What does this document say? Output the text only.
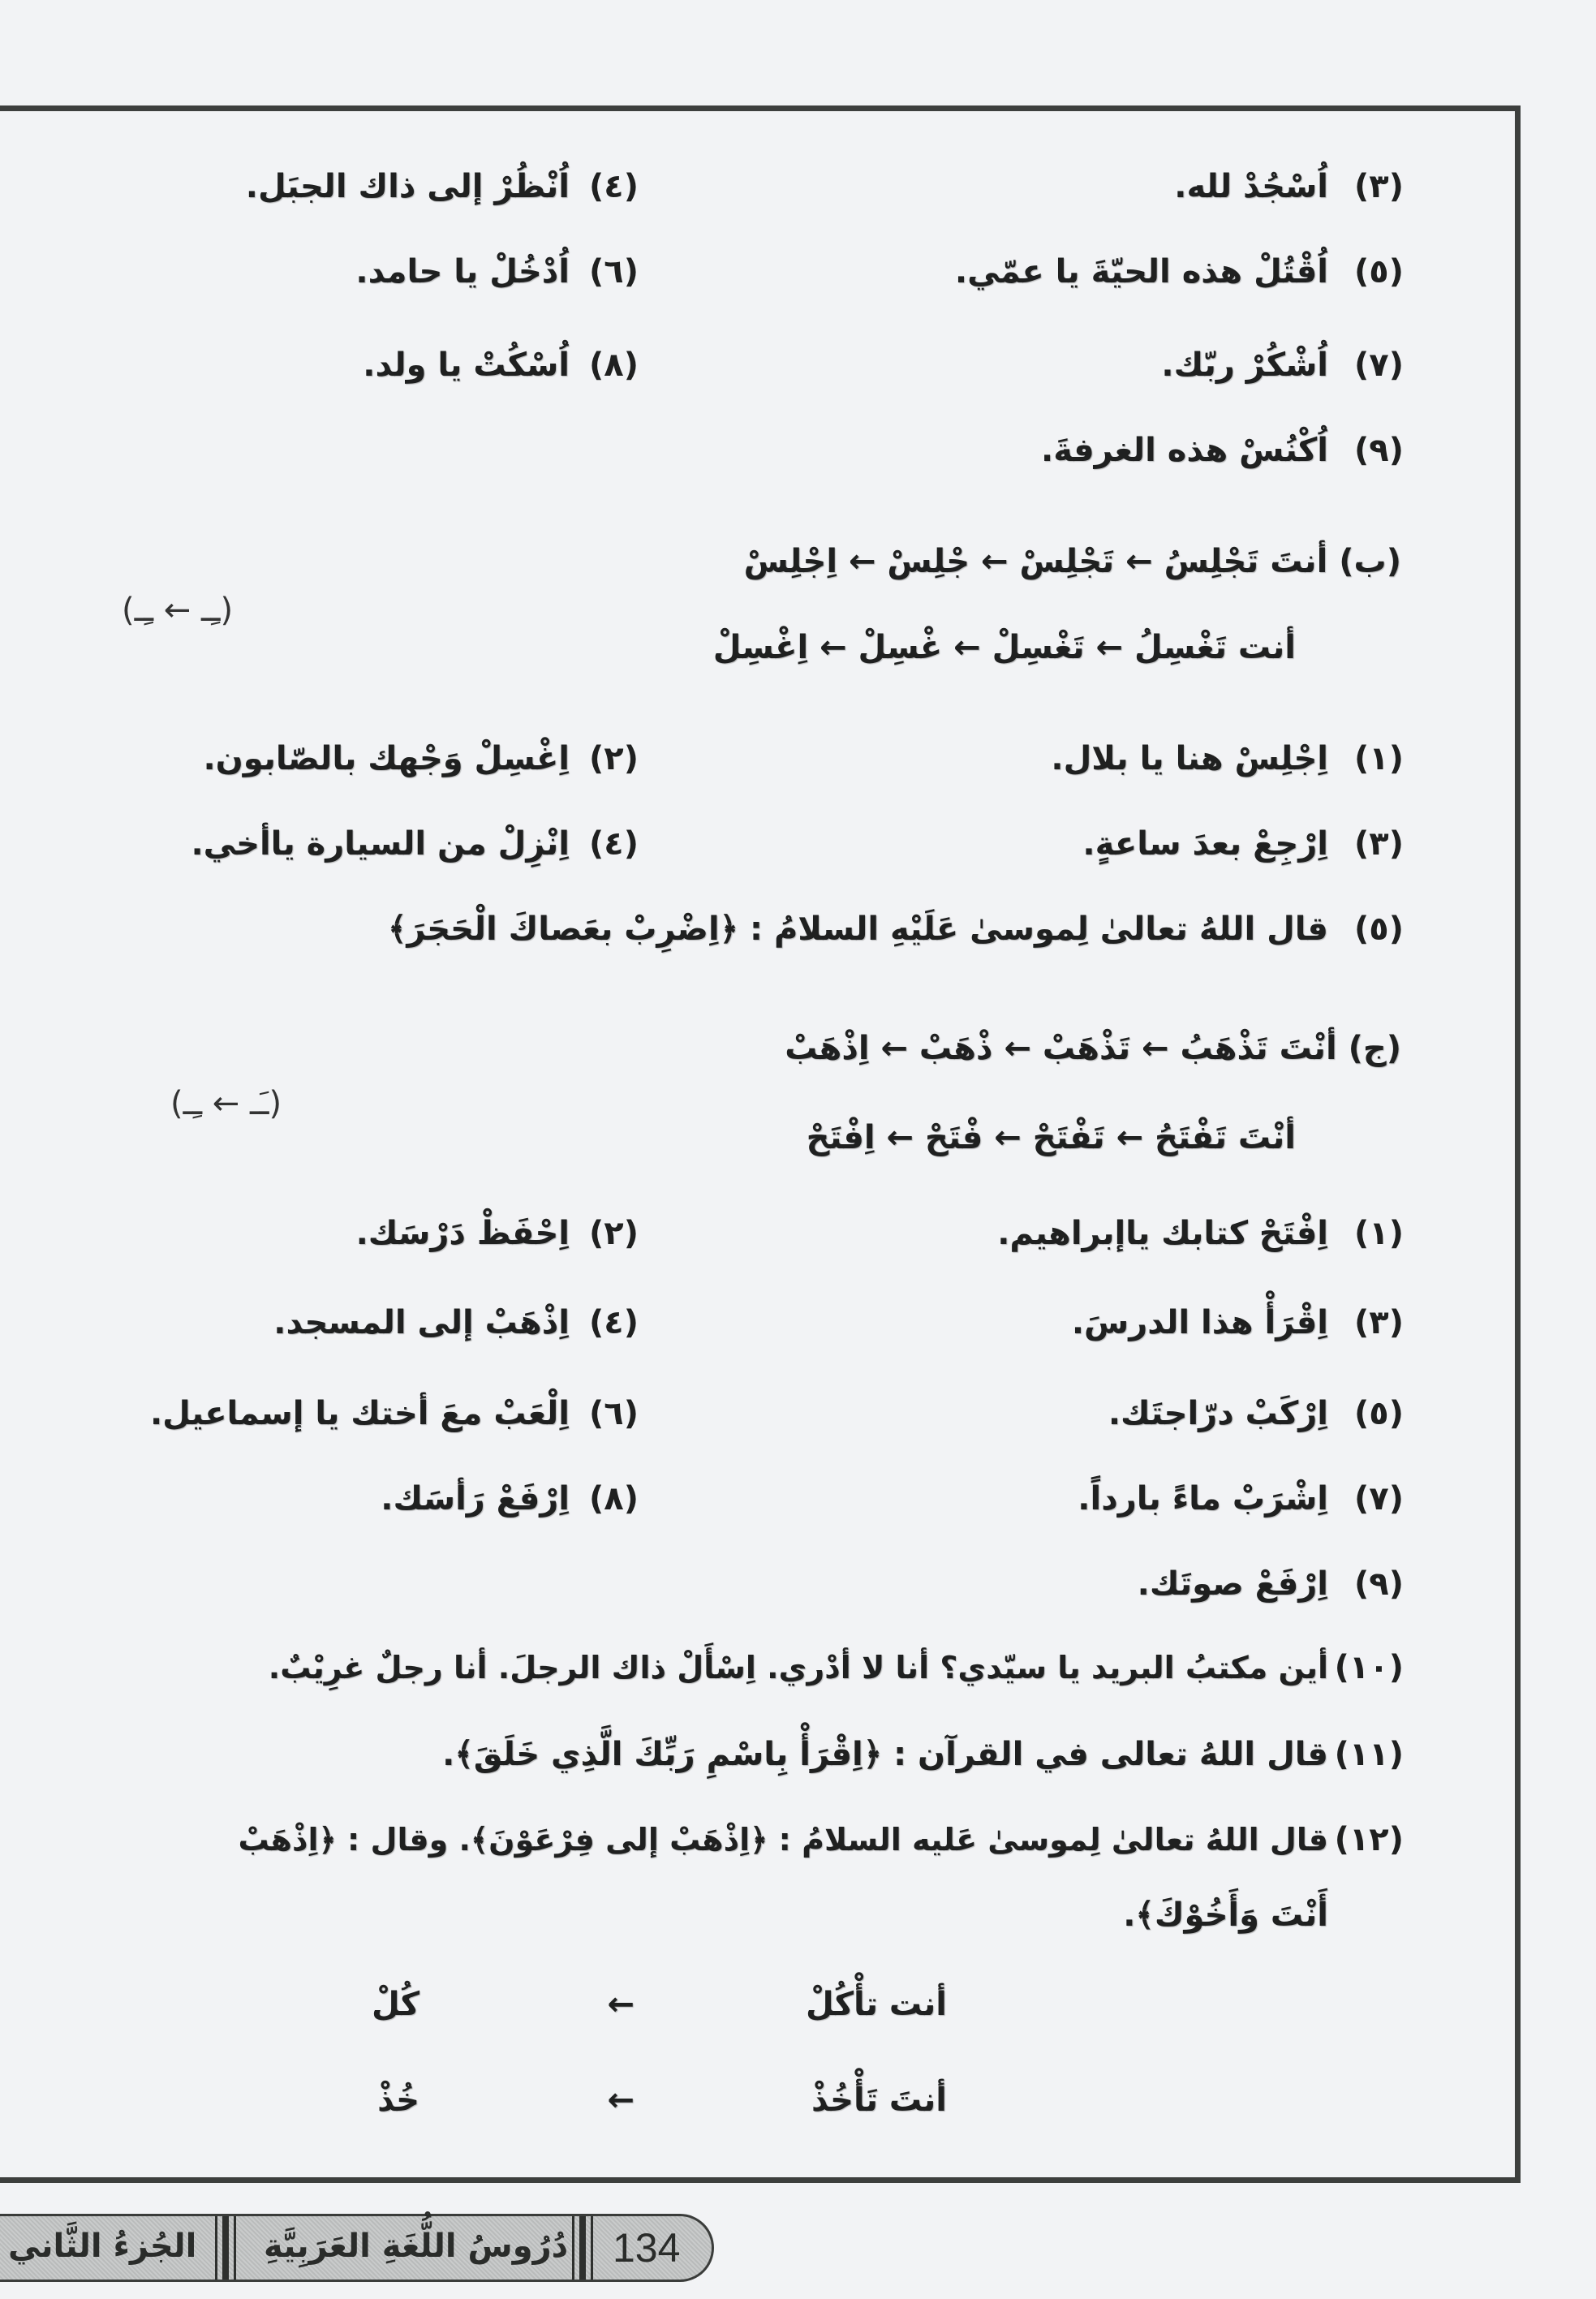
(٣)
اُسْجُدْ لله.
(٤)
اُنْظُرْ إلى ذاك الجبَل.
(٥)
اُقْتُلْ هذه الحيّةَ يا عمّي.
(٦)
اُدْخُلْ يا حامد.
(٧)
اُشْكُرْ ربّك.
(٨)
اُسْكُتْ يا ولد.
(٩)
اُكْنُسْ هذه الغرفةَ.
(ب) أنتَ تَجْلِسُ ← تَجْلِسْ ← جْلِسْ ← اِجْلِسْ
أنت تَغْسِلُ ← تَغْسِلْ ← غْسِلْ ← اِغْسِلْ
(ـِـ ← ـِـ)
(١)
اِجْلِسْ هنا يا بلال.
(٢)
اِغْسِلْ وَجْهك بالصّابون.
(٣)
اِرْجِعْ بعدَ ساعةٍ.
(٤)
اِنْزِلْ من السيارة ياأخي.
(٥)
قال اللهُ تعالىٰ لِموسىٰ عَلَيْهِ السلامُ : ﴿اِضْرِبْ بعَصاكَ الْحَجَرَ﴾
(ج) أنْتَ تَذْهَبُ ← تَذْهَبْ ← ذْهَبْ ← اِذْهَبْ
أنْتَ تَفْتَحُ ← تَفْتَحْ ← فْتَحْ ← اِفْتَحْ
(ـَـ ← ـِـ)
(١)
اِفْتَحْ كتابك ياإبراهيم.
(٢)
اِحْفَظْ دَرْسَك.
(٣)
اِقْرَأْ هذا الدرسَ.
(٤)
اِذْهَبْ إلى المسجد.
(٥)
اِرْكَبْ درّاجتَك.
(٦)
اِلْعَبْ معَ أختك يا إسماعيل.
(٧)
اِشْرَبْ ماءً بارداً.
(٨)
اِرْفَعْ رَأسَك.
(٩)
اِرْفَعْ صوتَك.
(١٠)
أين مكتبُ البريد يا سيّدي؟ أنا لا أدْري. اِسْأَلْ ذاك الرجلَ. أنا رجلٌ غرِيْبٌ.
(١١)
قال اللهُ تعالى في القرآن : ﴿اِقْرَأْ بِاسْمِ رَبِّكَ الَّذِي خَلَقَ﴾.
(١٢)
قال اللهُ تعالىٰ لِموسىٰ عَليه السلامُ : ﴿اِذْهَبْ إلى فِرْعَوْنَ﴾. وقال : ﴿اِذْهَبْ
أَنْتَ وَأَخُوْكَ﴾.
أنت تأْكُلْ
←
كُلْ
أنتَ تَأْخُذْ
←
خُذْ
الجُزءُ الثَّاني دُرُوسُ اللُّغَةِ العَرَبِيَّةِ 134
